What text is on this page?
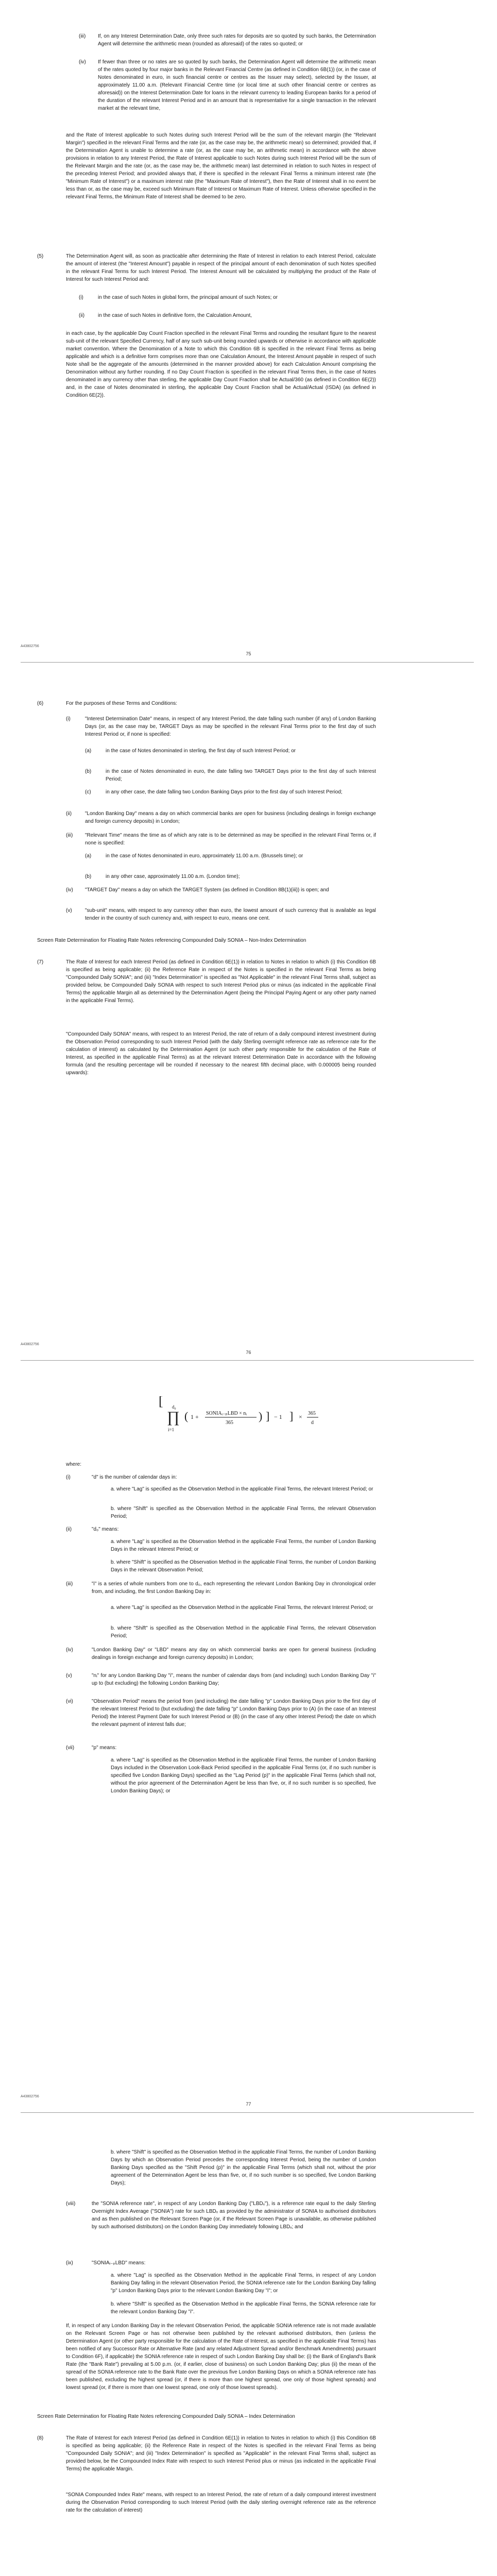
(iii) If, on any Interest Determination Date, only three such rates for deposits are so quoted by such banks, the Determination Agent will determine the arithmetic mean (rounded as aforesaid) of the rates so quoted; or
(iv) If fewer than three or no rates are so quoted by such banks, the Determination Agent will determine the arithmetic mean of the rates quoted by four major banks in the Relevant Financial Centre (as defined in Condition 6B(1)) (or, in the case of Notes denominated in euro, in such financial centre or centres as the Issuer may select), selected by the Issuer, at approximately 11.00 a.m. (Relevant Financial Centre time (or local time at such other financial centre or centres as aforesaid)) on the Interest Determination Date for loans in the relevant currency to leading European banks for a period of the duration of the relevant Interest Period and in an amount that is representative for a single transaction in the relevant market at the relevant time,
and the Rate of Interest applicable to such Notes during such Interest Period will be the sum of the relevant margin (the "Relevant Margin") specified in the relevant Final Terms and the rate (or, as the case may be, the arithmetic mean) so determined; provided that, if the Determination Agent is unable to determine a rate (or, as the case may be, an arithmetic mean) in accordance with the above provisions in relation to any Interest Period, the Rate of Interest applicable to such Notes during such Interest Period will be the sum of the Relevant Margin and the rate (or, as the case may be, the arithmetic mean) last determined in relation to such Notes in respect of the preceding Interest Period; and provided always that, if there is specified in the relevant Final Terms a minimum interest rate (the "Minimum Rate of Interest") or a maximum interest rate (the "Maximum Rate of Interest"), then the Rate of Interest shall in no event be less than or, as the case may be, exceed such Minimum Rate of Interest or Maximum Rate of Interest. Unless otherwise specified in the relevant Final Terms, the Minimum Rate of Interest shall be deemed to be zero.
(5)	The Determination Agent will, as soon as practicable after determining the Rate of Interest in relation to each Interest Period, calculate the amount of interest (the "Interest Amount") payable in respect of the principal amount of each denomination of such Notes specified in the relevant Final Terms for such Interest Period. The Interest Amount will be calculated by multiplying the product of the Rate of Interest for such Interest Period and:
(i)	in the case of such Notes in global form, the principal amount of such Notes; or
(ii)	in the case of such Notes in definitive form, the Calculation Amount,
in each case, by the applicable Day Count Fraction specified in the relevant Final Terms and rounding the resultant figure to the nearest sub-unit of the relevant Specified Currency, half of any such sub-unit being rounded upwards or otherwise in accordance with applicable market convention. Where the Denomination of a Note to which this Condition 6B is specified in the relevant Final Terms as being applicable and which is a definitive form comprises more than one Calculation Amount, the Interest Amount payable in respect of such Note shall be the aggregate of the amounts (determined in the manner provided above) for each Calculation Amount comprising the Denomination without any further rounding. If no Day Count Fraction is specified in the relevant Final Terms then, in the case of Notes denominated in any currency other than sterling, the applicable Day Count Fraction shall be Actual/360 (as defined in Condition 6E(2)) and, in the case of Notes denominated in sterling, the applicable Day Count Fraction shall be Actual/Actual (ISDA) (as defined in Condition 6E(2)).
A43802756
75
(6)	For the purposes of these Terms and Conditions:
(i)	"Interest Determination Date" means, in respect of any Interest Period, the date falling such number (if any) of London Banking Days (or, as the case may be, TARGET Days as may be specified in the relevant Final Terms prior to the first day of such Interest Period or, if none is specified:
(a)	in the case of Notes denominated in sterling, the first day of such Interest Period; or
(b)	in the case of Notes denominated in euro, the date falling two TARGET Days prior to the first day of such Interest Period;
(c)	in any other case, the date falling two London Banking Days prior to the first day of such Interest Period;
(ii)	"London Banking Day" means a day on which commercial banks are open for business (including dealings in foreign exchange and foreign currency deposits) in London;
(iii) "Relevant Time" means the time as of which any rate is to be determined as may be specified in the relevant Final Terms or, if none is specified:
(a)	in the case of Notes denominated in euro, approximately 11.00 a.m. (Brussels time); or
(b)	in any other case, approximately 11.00 a.m. (London time);
(iv) "TARGET Day" means a day on which the TARGET System (as defined in Condition 8B(1)(iii)) is open; and
(v)	"sub-unit" means, with respect to any currency other than euro, the lowest amount of such currency that is available as legal tender in the country of such currency and, with respect to euro, means one cent.
Screen Rate Determination for Floating Rate Notes referencing Compounded Daily SONIA – Non-Index Determination
(7)	The Rate of Interest for each Interest Period (as defined in Condition 6E(1)) in relation to Notes in relation to which (i) this Condition 6B is specified as being applicable; (ii) the Reference Rate in respect of the Notes is specified in the relevant Final Terms as being "Compounded Daily SONIA"; and (iii) "Index Determination" is specified as "Not Applicable" in the relevant Final Terms shall, subject as provided below, be Compounded Daily SONIA with respect to such Interest Period plus or minus (as indicated in the applicable Final Terms) the applicable Margin all as determined by the Determination Agent (being the Principal Paying Agent or any other party named in the applicable Final Terms).
"Compounded Daily SONIA" means, with respect to an Interest Period, the rate of return of a daily compound interest investment during the Observation Period corresponding to such Interest Period (with the daily Sterling overnight reference rate as reference rate for the calculation of interest) as calculated by the Determination Agent (or such other party responsible for the calculation of the Rate of Interest, as specified in the applicable Final Terms) as at the relevant Interest Determination Date in accordance with the following formula (and the resulting percentage will be rounded if necessary to the nearest fifth decimal place, with 0.000005 being rounded upwards):
A43802756
76
[ d₀
∏
i=1
( 1 + SONIAᵢ₋ₚLBD × nᵢ
365
) ] − 1 ] × 365
d
where:
(i)	"d" is the number of calendar days in:
a. where "Lag" is specified as the Observation Method in the applicable Final Terms, the relevant Interest Period; or
b. where "Shift" is specified as the Observation Method in the applicable Final Terms, the relevant Observation Period;
(ii)	"d₀" means:
a. where "Lag" is specified as the Observation Method in the applicable Final Terms, the number of London Banking Days in the relevant Interest Period; or
b. where "Shift" is specified as the Observation Method in the applicable Final Terms, the number of London Banking Days in the relevant Observation Period;
(iii)	"i" is a series of whole numbers from one to d₀, each representing the relevant London Banking Day in chronological order from, and including, the first London Banking Day in:
a. where "Lag" is specified as the Observation Method in the applicable Final Terms, the relevant Interest Period; or
b. where "Shift" is specified as the Observation Method in the applicable Final Terms, the relevant Observation Period;
(iv)	"London Banking Day" or "LBD" means any day on which commercial banks are open for general business (including dealings in foreign exchange and foreign currency deposits) in London;
(v)	"nᵢ" for any London Banking Day "i", means the number of calendar days from (and including) such London Banking Day "i" up to (but excluding) the following London Banking Day;
(vi)	"Observation Period" means the period from (and including) the date falling "p" London Banking Days prior to the first day of the relevant Interest Period to (but excluding) the date falling "p" London Banking Days prior to (A) (in the case of an Interest Period) the Interest Payment Date for such Interest Period or (B) (in the case of any other Interest Period) the date on which the relevant payment of interest falls due;
(vii)	"p" means:
a. where "Lag" is specified as the Observation Method in the applicable Final Terms, the number of London Banking Days included in the Observation Look-Back Period specified in the applicable Final Terms (or, if no such number is specified five London Banking Days) specified as the "Lag Period (p)" in the applicable Final Terms (which shall not, without the prior agreement of the Determination Agent be less than five, or, if no such number is so specified, five London Banking Days); or
A43802756
77
b. where "Shift" is specified as the Observation Method in the applicable Final Terms, the number of London Banking Days by which an Observation Period precedes the corresponding Interest Period, being the number of London Banking Days specified as the "Shift Period (p)" in the applicable Final Terms (which shall not, without the prior agreement of the Determination Agent be less than five, or, if no such number is so specified, five London Banking Days);
(viii)	the "SONIA reference rate", in respect of any London Banking Day ("LBDₓ"), is a reference rate equal to the daily Sterling Overnight Index Average ("SONIA") rate for such LBDₓ as provided by the administrator of SONIA to authorised distributors and as then published on the Relevant Screen Page (or, if the Relevant Screen Page is unavailable, as otherwise published by such authorised distributors) on the London Banking Day immediately following LBDₓ; and
(ix)	"SONIAᵢ₋ₚLBD" means:
a. where "Lag" is specified as the Observation Method in the applicable Final Terms, in respect of any London Banking Day falling in the relevant Observation Period, the SONIA reference rate for the London Banking Day falling "p" London Banking Days prior to the relevant London Banking Day "i"; or
b. where "Shift" is specified as the Observation Method in the applicable Final Terms, the SONIA reference rate for the relevant London Banking Day "i".
If, in respect of any London Banking Day in the relevant Observation Period, the applicable SONIA reference rate is not made available on the Relevant Screen Page or has not otherwise been published by the relevant authorised distributors, then (unless the Determination Agent (or other party responsible for the calculation of the Rate of Interest, as specified in the applicable Final Terms) has been notified of any Successor Rate or Alternative Rate (and any related Adjustment Spread and/or Benchmark Amendments) pursuant to Condition 6F), if applicable) the SONIA reference rate in respect of such London Banking Day shall be: (i) the Bank of England's Bank Rate (the "Bank Rate") prevailing at 5.00 p.m. (or, if earlier, close of business) on such London Banking Day; plus (ii) the mean of the spread of the SONIA reference rate to the Bank Rate over the previous five London Banking Days on which a SONIA reference rate has been published, excluding the highest spread (or, if there is more than one highest spread, one only of those highest spreads) and lowest spread (or, if there is more than one lowest spread, one only of those lowest spreads).
Screen Rate Determination for Floating Rate Notes referencing Compounded Daily SONIA – Index Determination
(8)	The Rate of Interest for each Interest Period (as defined in Condition 6E(1)) in relation to Notes in relation to which (i) this Condition 6B is specified as being applicable; (ii) the Reference Rate in respect of the Notes is specified in the relevant Final Terms as being "Compounded Daily SONIA"; and (iii) "Index Determination" is specified as "Applicable" in the relevant Final Terms shall, subject as provided below, be the Compounded Index Rate with respect to such Interest Period plus or minus (as indicated in the applicable Final Terms) the applicable Margin.
"SONIA Compounded Index Rate" means, with respect to an Interest Period, the rate of return of a daily compound interest investment during the Observation Period corresponding to such Interest Period (with the daily sterling overnight reference rate as the reference rate for the calculation of interest)
